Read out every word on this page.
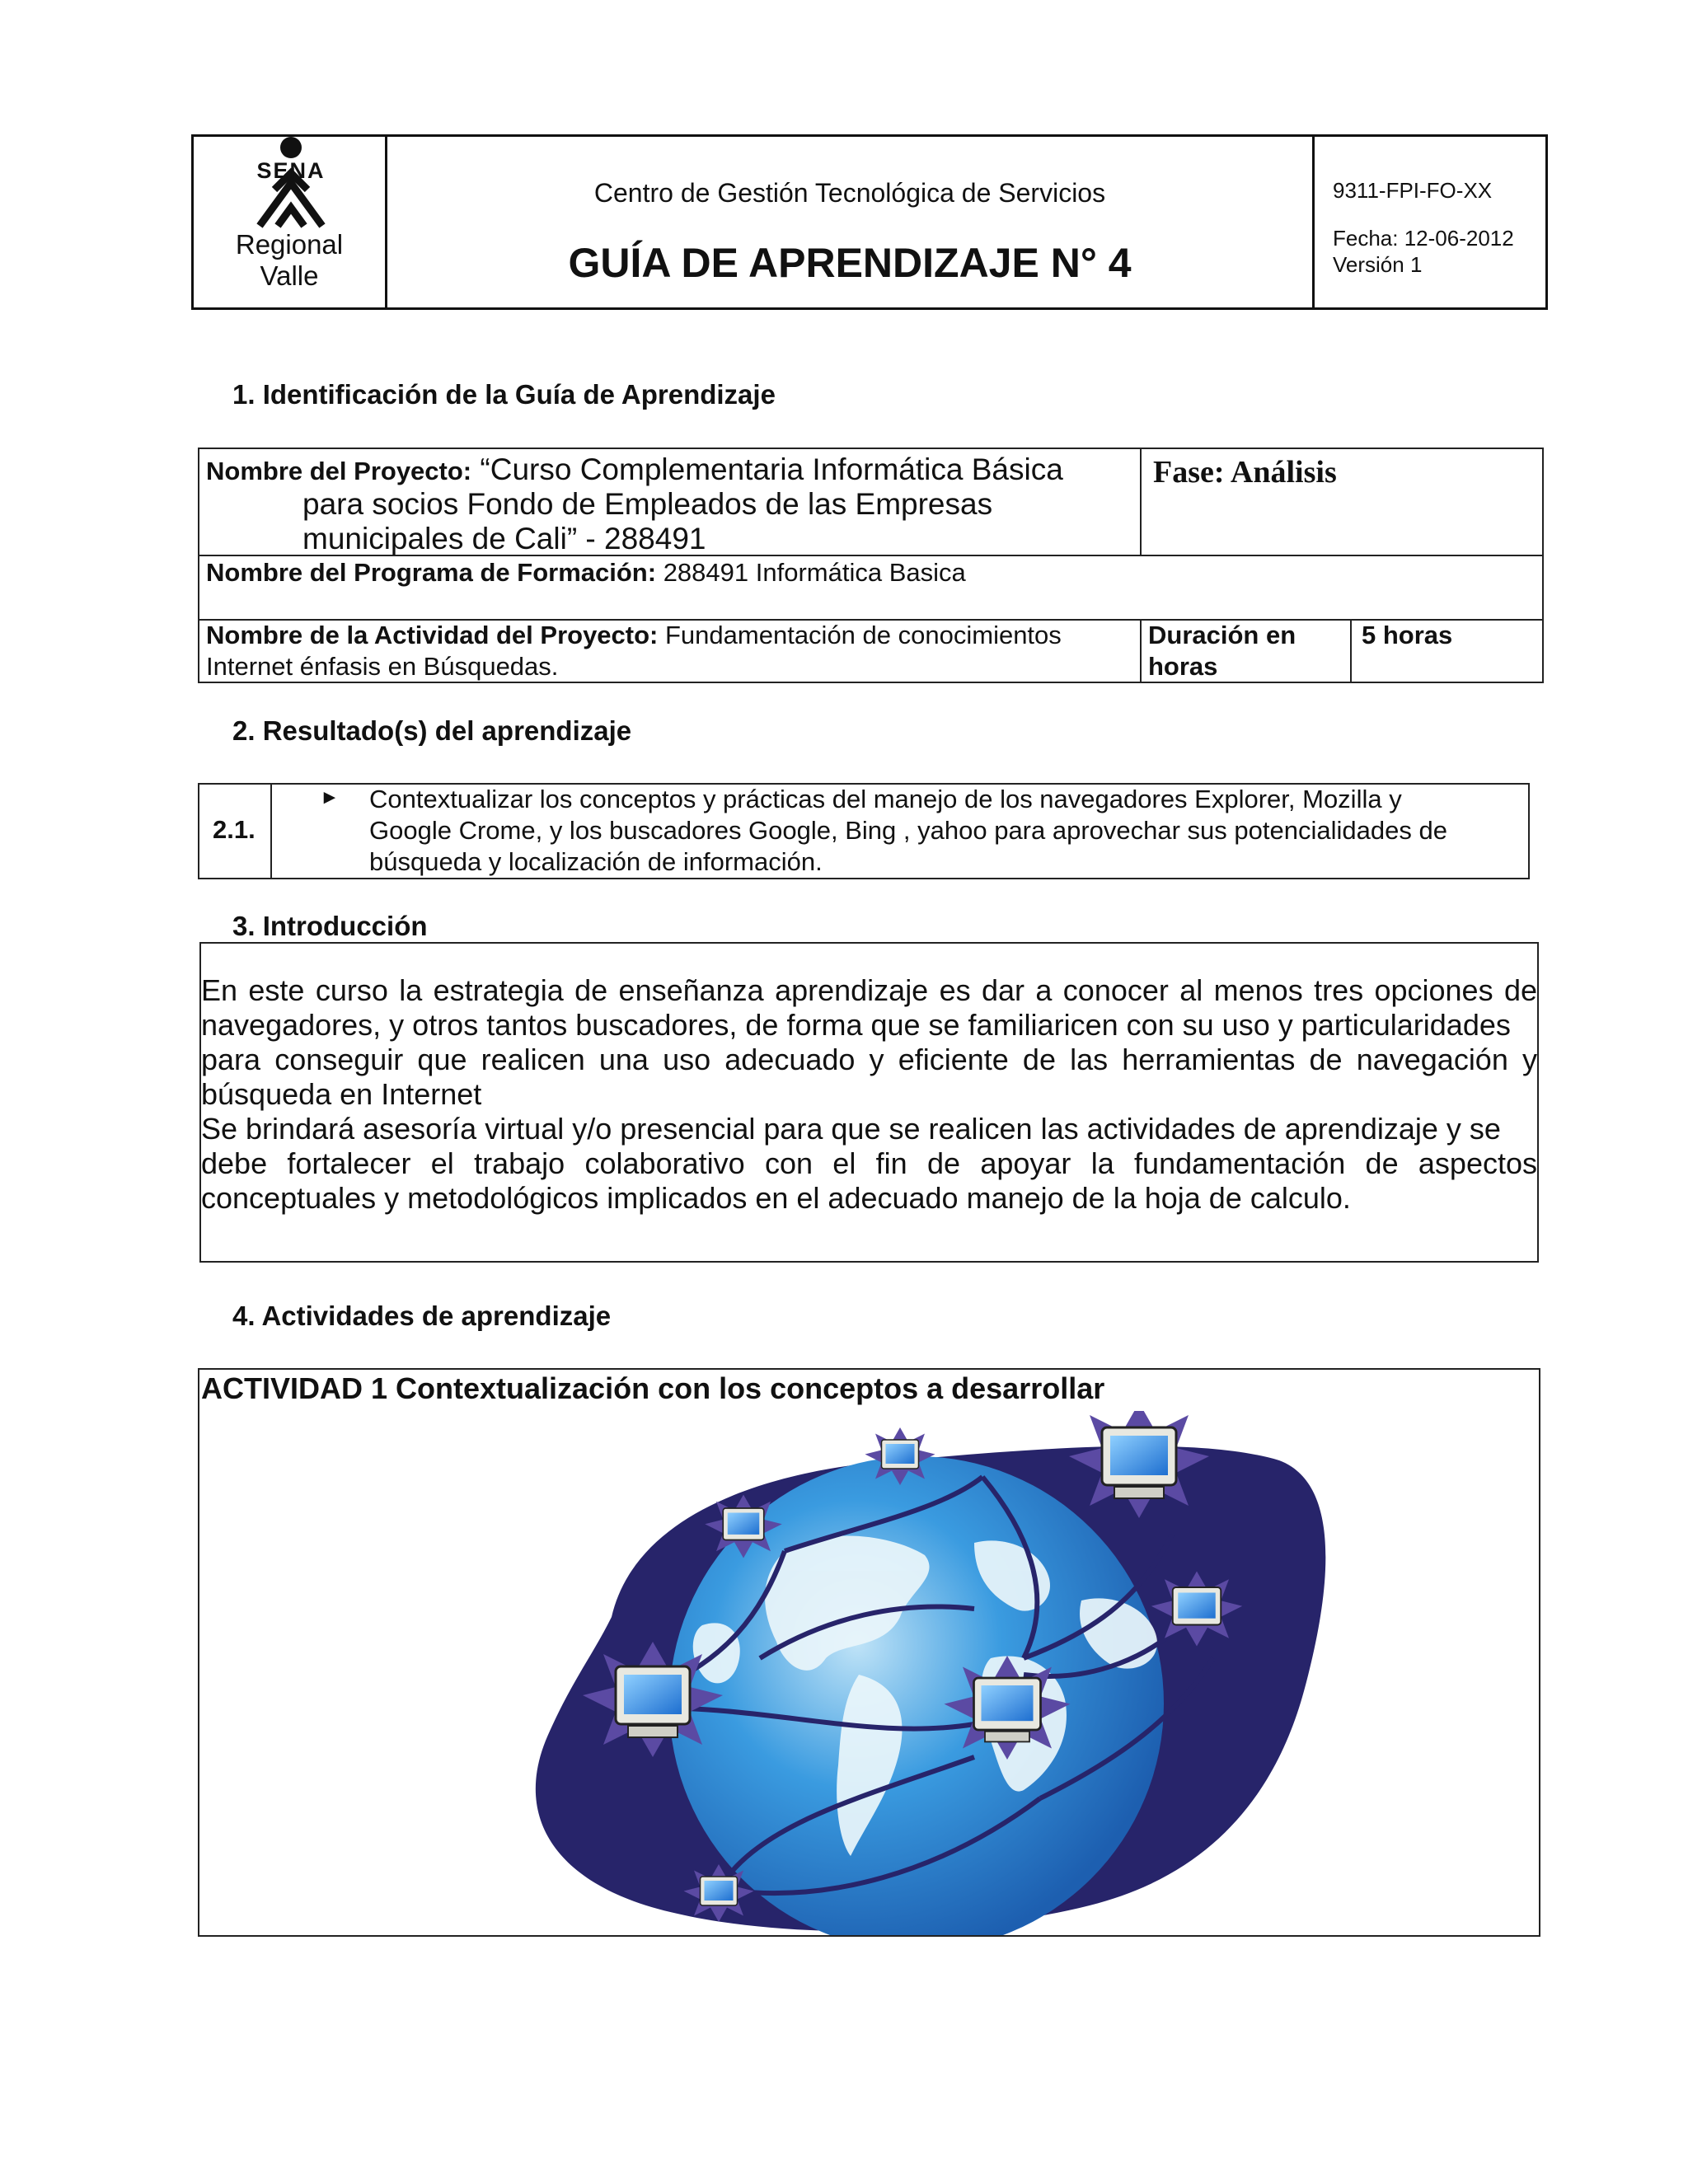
SENA
Regional
Valle
Centro de Gestión Tecnológica de Servicios
GUÍA DE APRENDIZAJE N° 4
9311-FPI-FO-XX
Fecha: 12-06-2012
Versión 1
1. Identificación de la Guía de Aprendizaje
Nombre del Proyecto: “Curso Complementaria Informática Básica
para socios Fondo de Empleados de las Empresas
municipales de Cali” - 288491
Fase: Análisis
Nombre del Programa de Formación: 288491 Informática Basica
Nombre de la Actividad del Proyecto: Fundamentación de conocimientos
Internet énfasis en Búsquedas.
Duración en
horas
5 horas
2. Resultado(s) del aprendizaje
2.1.
► Contextualizar los conceptos y prácticas del manejo de los navegadores Explorer, Mozilla y
Google Crome, y los buscadores Google, Bing , yahoo para aprovechar sus potencialidades de
búsqueda y localización de información.
3. Introducción
En este curso la estrategia de enseñanza aprendizaje es dar a conocer al menos tres opciones de
navegadores, y otros tantos buscadores, de forma que se familiaricen con su uso y particularidades
para conseguir que realicen una uso adecuado y eficiente de las herramientas de navegación y
búsqueda en Internet
Se brindará asesoría virtual y/o presencial para que se realicen las actividades de aprendizaje y se
debe fortalecer el trabajo colaborativo con el fin de apoyar la fundamentación de aspectos
conceptuales y metodológicos implicados en el adecuado manejo de la hoja de calculo.
4. Actividades de aprendizaje
ACTIVIDAD 1 Contextualización con los conceptos a desarrollar
